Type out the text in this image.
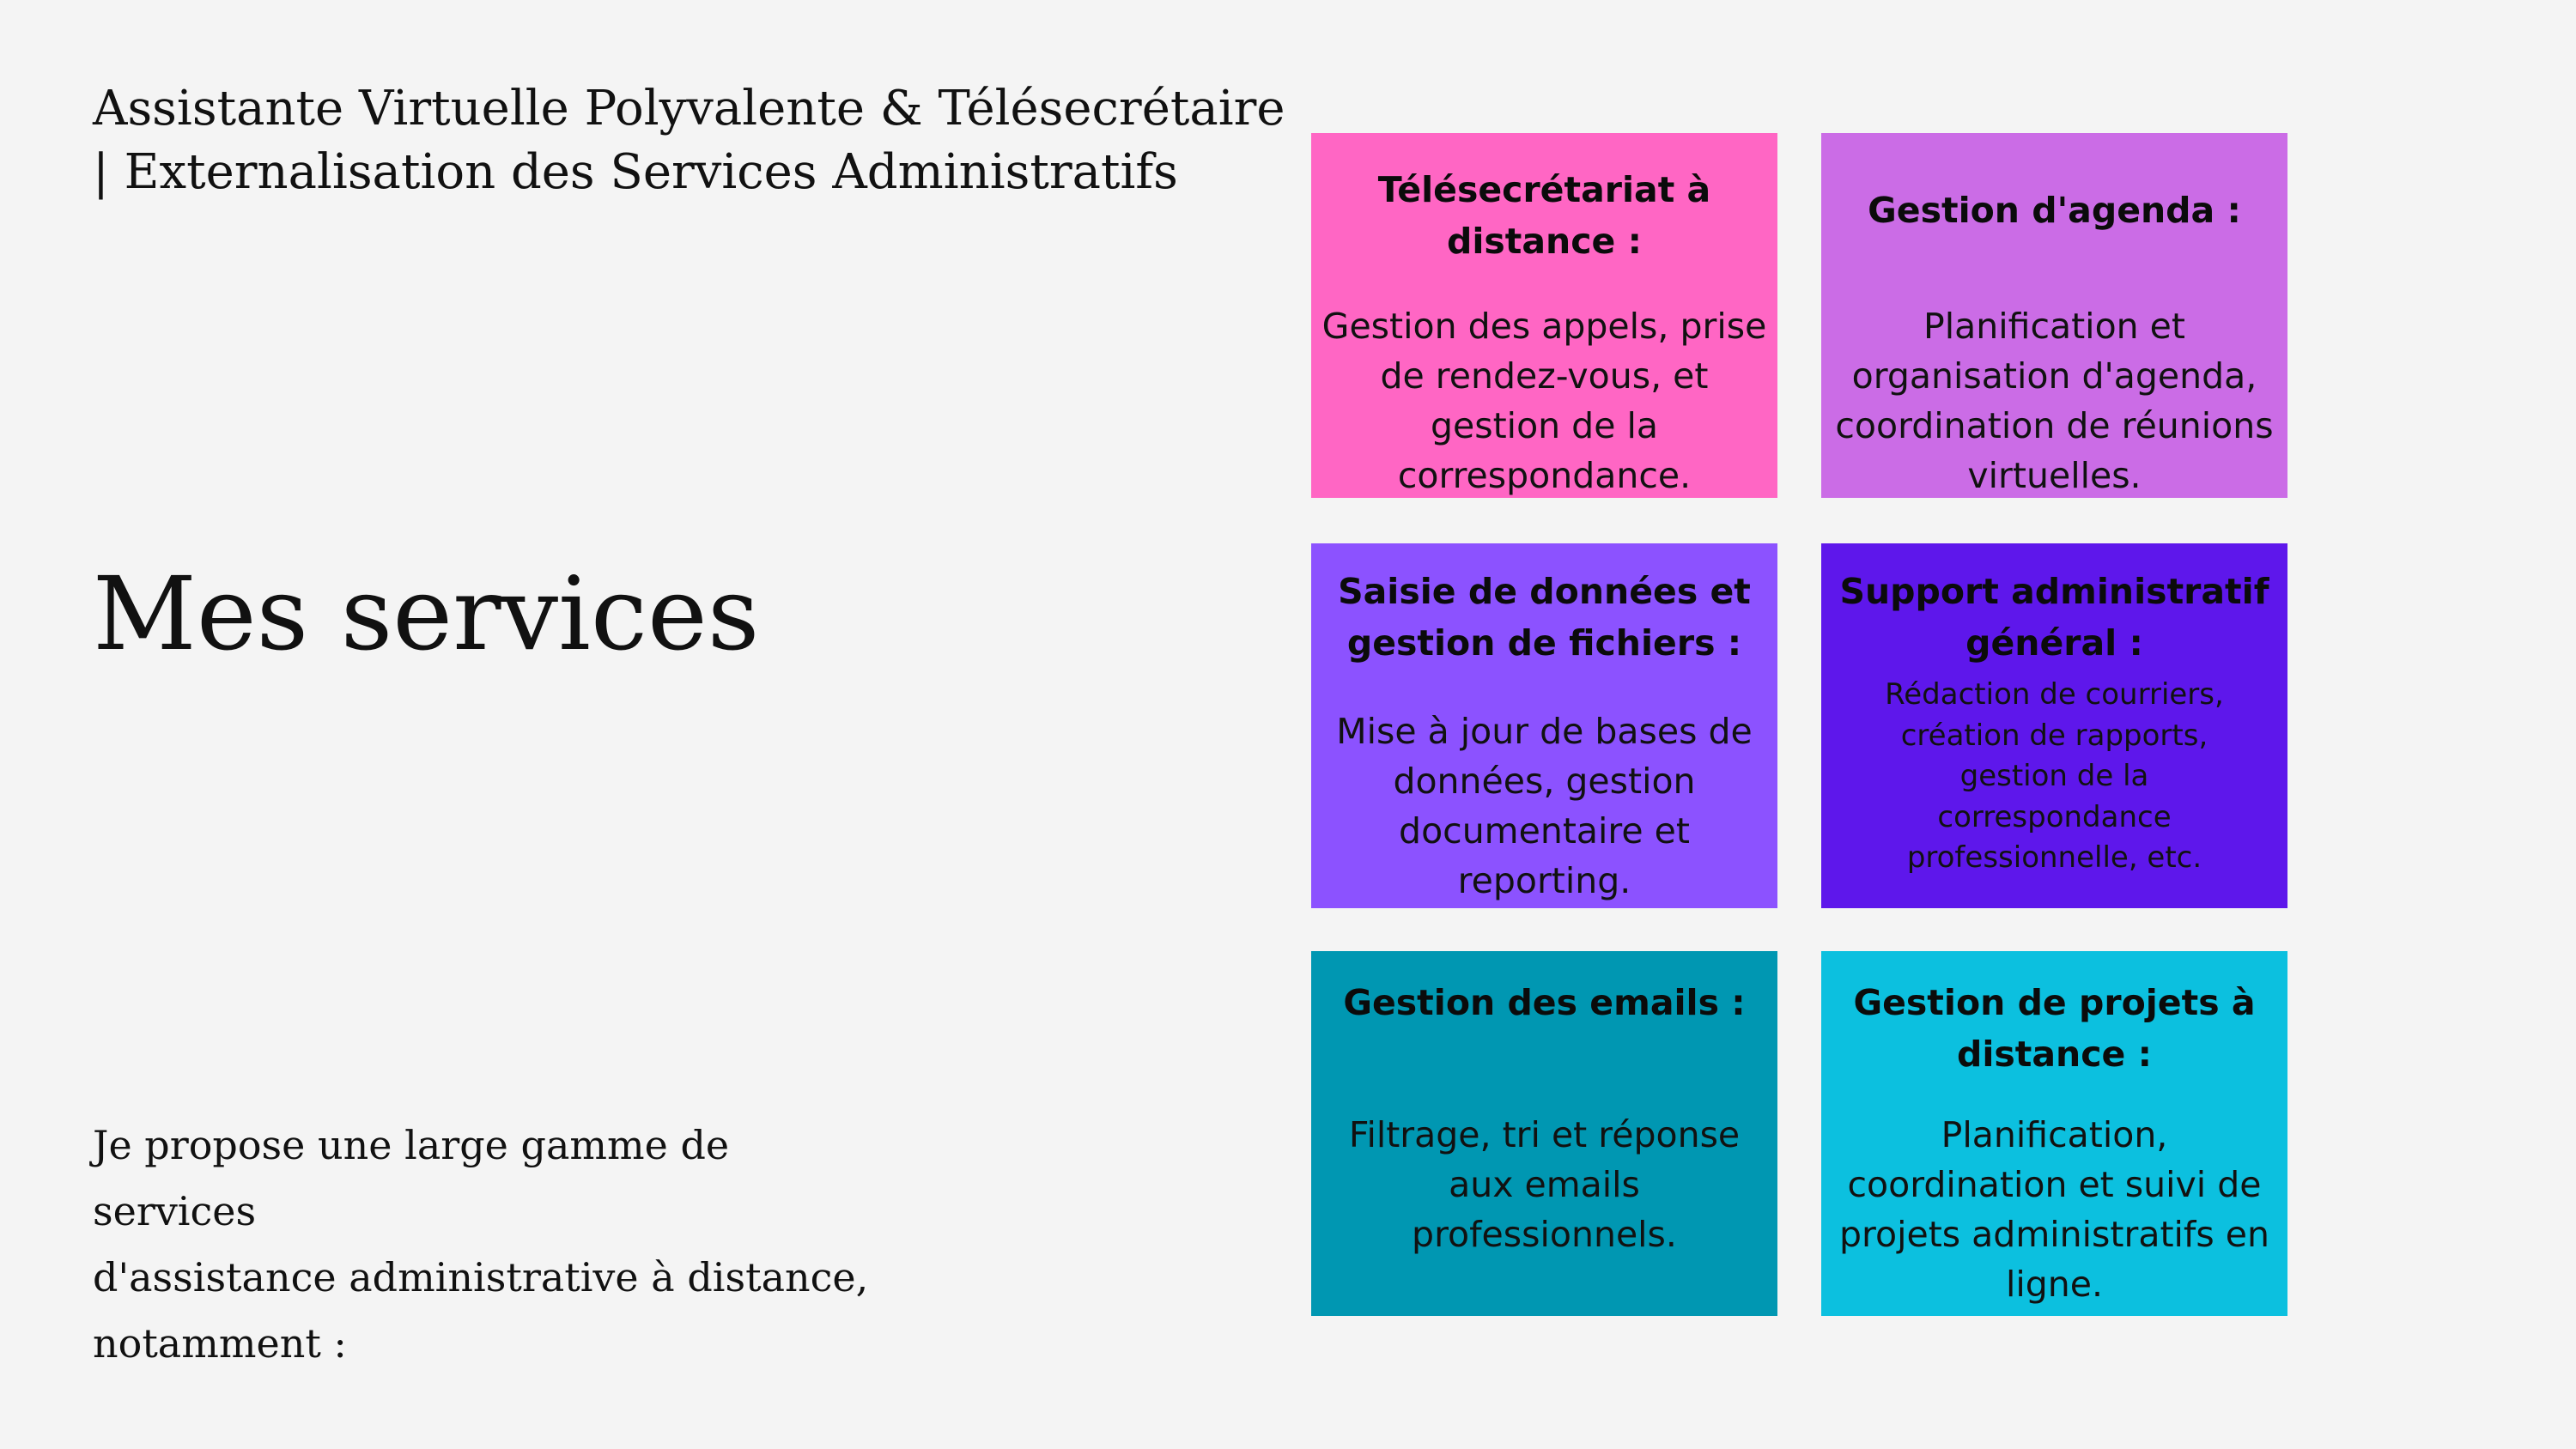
Assistante Virtuelle Polyvalente & Télésecrétaire
| Externalisation des Services Administratifs
Mes services

Je propose une large gamme de services
d'assistance administrative à distance,
notamment :

Télésecrétariat à distance :

Gestion des appels, prise de rendez-vous, et gestion de la correspondance.

Gestion d'agenda :

Planification et organisation d'agenda, coordination de réunions virtuelles.

Saisie de données et gestion de fichiers :

Mise à jour de bases de données, gestion documentaire et reporting.

Support administratif général :

Rédaction de courriers, création de rapports, gestion de la correspondance professionnelle, etc.

Gestion des emails :

Filtrage, tri et réponse aux emails professionnels.

Gestion de projets à distance :

Planification, coordination et suivi de projets administratifs en ligne.
